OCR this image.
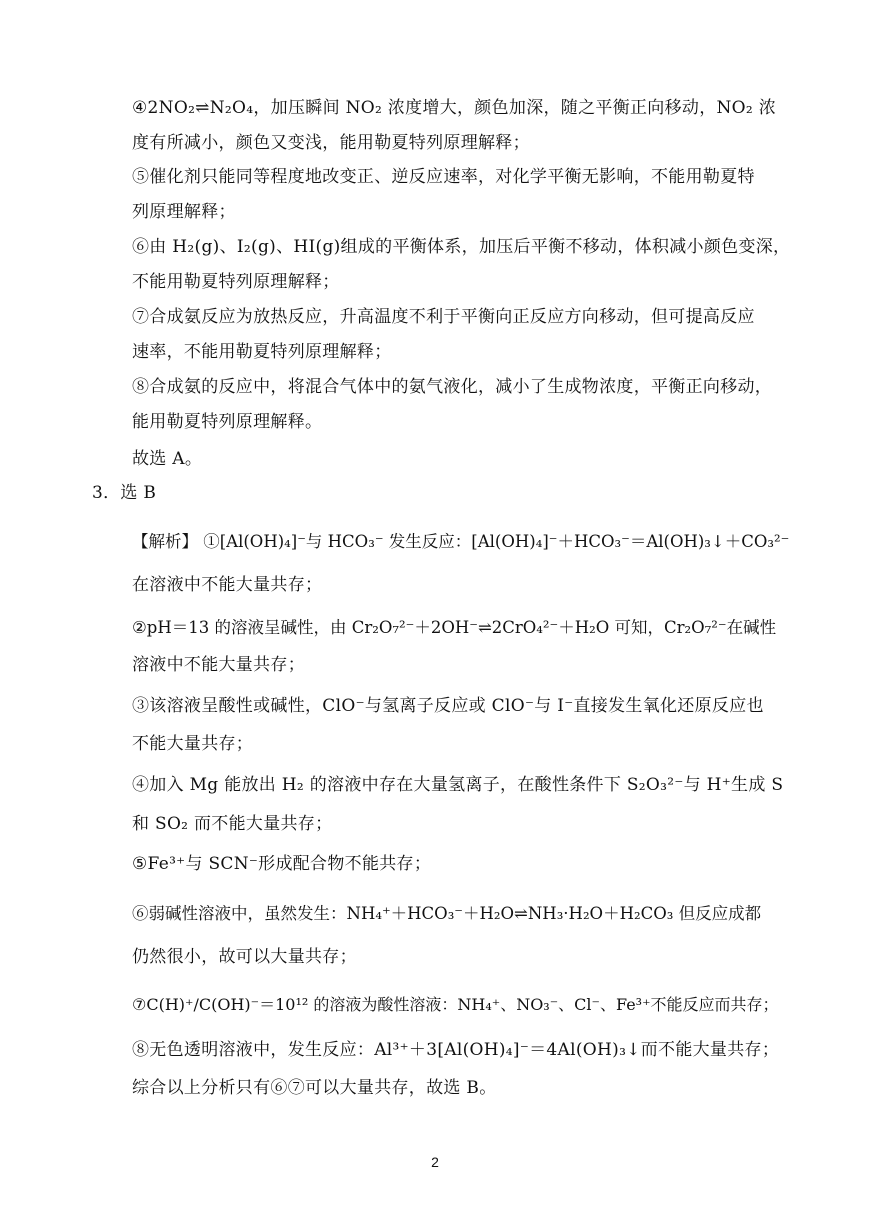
④2NO₂⇌N₂O₄，加压瞬间 NO₂ 浓度增大，颜色加深，随之平衡正向移动，NO₂ 浓
度有所减小，颜色又变浅，能用勒夏特列原理解释；
⑤催化剂只能同等程度地改变正、逆反应速率，对化学平衡无影响，不能用勒夏特
列原理解释；
⑥由 H₂(g)、I₂(g)、HI(g)组成的平衡体系，加压后平衡不移动，体积减小颜色变深，
不能用勒夏特列原理解释；
⑦合成氨反应为放热反应，升高温度不利于平衡向正反应方向移动，但可提高反应
速率，不能用勒夏特列原理解释；
⑧合成氨的反应中，将混合气体中的氨气液化，减小了生成物浓度，平衡正向移动，
能用勒夏特列原理解释。
故选 A。
3．选 B
【解析】 ①[Al(OH)₄]⁻与 HCO₃⁻ 发生反应：[Al(OH)₄]⁻＋HCO₃⁻＝Al(OH)₃↓＋CO₃²⁻
在溶液中不能大量共存；
②pH＝13 的溶液呈碱性，由 Cr₂O₇²⁻＋2OH⁻⇌2CrO₄²⁻＋H₂O 可知，Cr₂O₇²⁻在碱性
溶液中不能大量共存；
③该溶液呈酸性或碱性，ClO⁻与氢离子反应或 ClO⁻与 I⁻直接发生氧化还原反应也
不能大量共存；
④加入 Mg 能放出 H₂ 的溶液中存在大量氢离子，在酸性条件下 S₂O₃²⁻与 H⁺生成 S
和 SO₂ 而不能大量共存；
⑤Fe³⁺与 SCN⁻形成配合物不能共存；
⑥弱碱性溶液中，虽然发生：NH₄⁺＋HCO₃⁻＋H₂O⇌NH₃·H₂O＋H₂CO₃ 但反应成都
仍然很小，故可以大量共存；
⑦C(H)⁺/C(OH)⁻＝10¹² 的溶液为酸性溶液：NH₄⁺、NO₃⁻、Cl⁻、Fe³⁺不能反应而共存；
⑧无色透明溶液中，发生反应：Al³⁺＋3[Al(OH)₄]⁻＝4Al(OH)₃↓而不能大量共存；
综合以上分析只有⑥⑦可以大量共存，故选 B。
2
